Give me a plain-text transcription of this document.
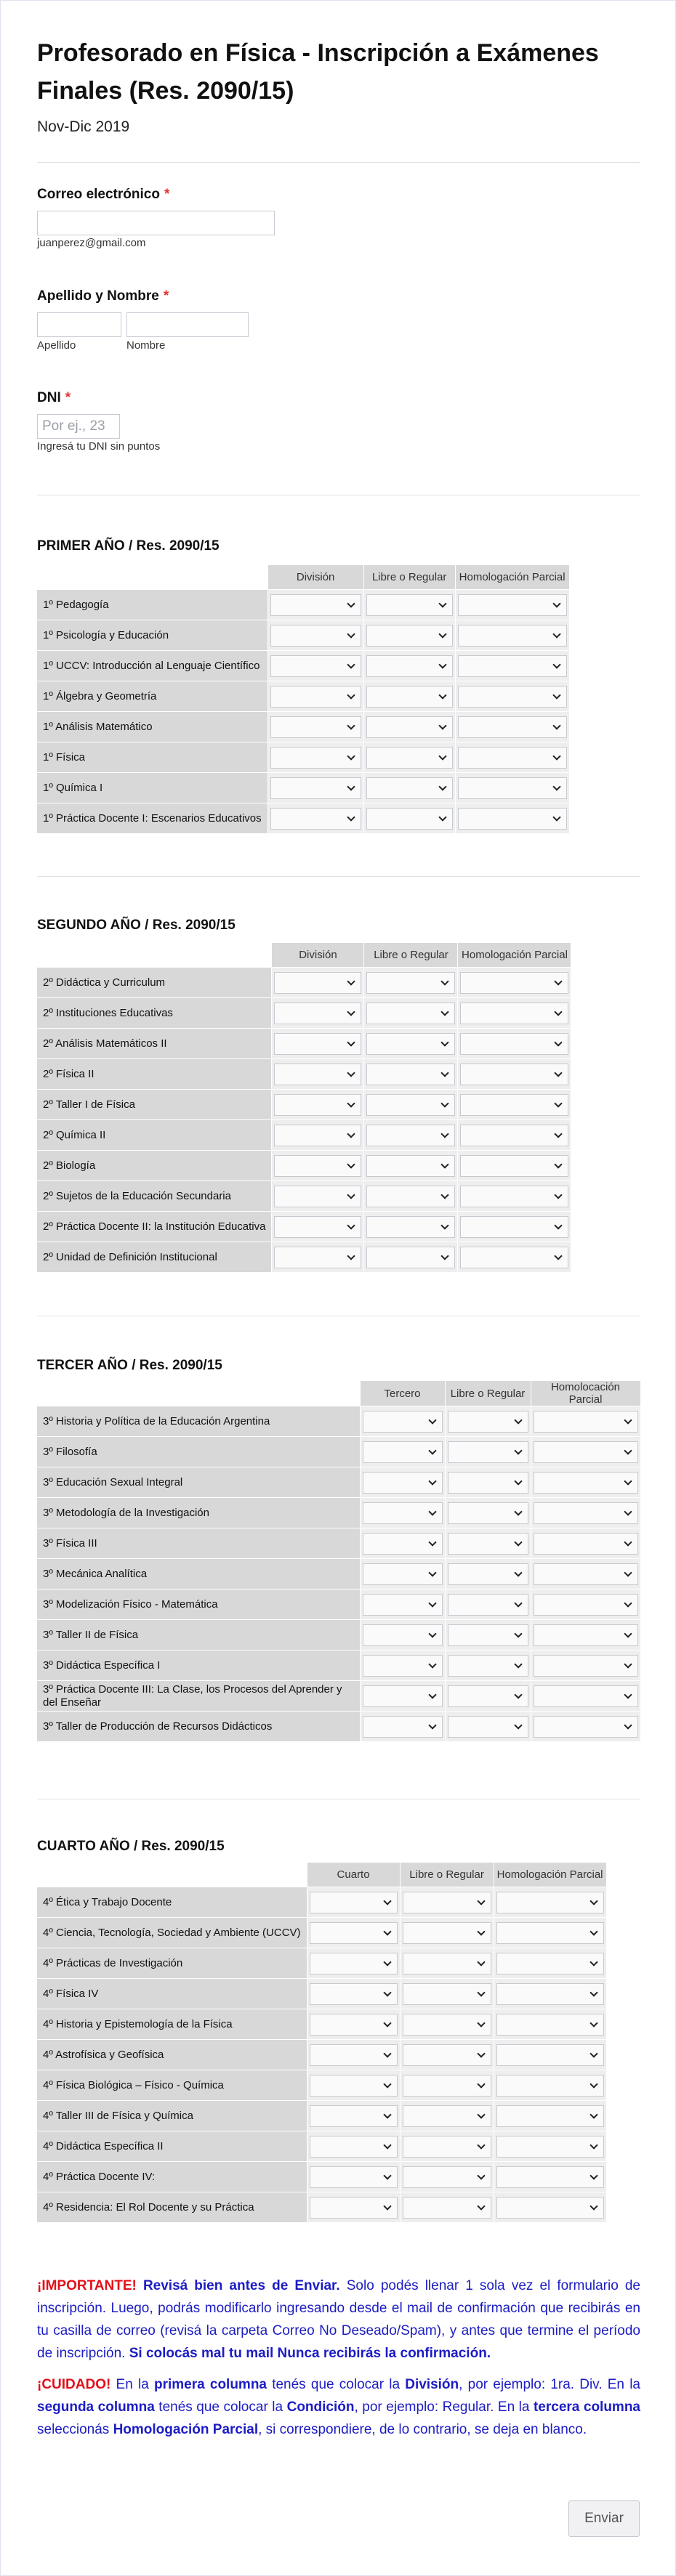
Profesorado en Física - Inscripción a Exámenes Finales (Res. 2090/15)
Nov-Dic 2019
Correo electrónico *
juanperez@gmail.com
Apellido y Nombre *
Apellido	Nombre
DNI *
Por ej., 23
Ingresá tu DNI sin puntos
PRIMER AÑO / Res. 2090/15
	División	Libre o Regular	Homologación Parcial
1º Pedagogía	

1º Psicología y Educación	

1º UCCV: Introducción al Lenguaje Científico	

1º Álgebra y Geometría	

1º Análisis Matemático	

1º Física	

1º Química I	

1º Práctica Docente I: Escenarios Educativos	

SEGUNDO AÑO / Res. 2090/15
	División	Libre o Regular	Homologación Parcial
2º Didáctica y Curriculum	

2º Instituciones Educativas	

2º Análisis Matemáticos II	

2º Física II	

2º Taller I de Física	

2º Química II	

2º Biología	

2º Sujetos de la Educación Secundaria	

2º Práctica Docente II: la Institución Educativa	

2º Unidad de Definición Institucional	

TERCER AÑO / Res. 2090/15
	Tercero	Libre o Regular	Homolocación Parcial
3º Historia y Política de la Educación Argentina	

3º Filosofía	

3º Educación Sexual Integral	

3º Metodología de la Investigación	

3º Física III	

3º Mecánica Analítica	

3º Modelización Físico - Matemática	

3º Taller II de Física	

3º Didáctica Específica I	

3º Práctica Docente III: La Clase, los Procesos del Aprender y del Enseñar	

3º Taller de Producción de Recursos Didácticos	

CUARTO AÑO / Res. 2090/15
	Cuarto	Libre o Regular	Homologación Parcial
4º Ética y Trabajo Docente	

4º Ciencia, Tecnología, Sociedad y Ambiente (UCCV)	

4º Prácticas de Investigación	

4º Física IV	

4º Historia y Epistemología de la Física	

4º Astrofísica y Geofísica	

4º Física Biológica – Físico - Química	

4º Taller III de Física y Química	

4º Didáctica Específica II	

4º Práctica Docente IV:	

4º Residencia: El Rol Docente y su Práctica	

¡IMPORTANTE! Revisá bien antes de Enviar. Solo podés llenar 1 sola vez el formulario de inscripción. Luego, podrás modificarlo ingresando desde el mail de confirmación que recibirás en tu casilla de correo (revisá la carpeta Correo No Deseado/Spam), y antes que termine el período de inscripción. Si colocás mal tu mail Nunca recibirás la confirmación.
¡CUIDADO! En la primera columna tenés que colocar la División, por ejemplo: 1ra. Div. En la segunda columna tenés que colocar la Condición, por ejemplo: Regular. En la tercera columna seleccionás Homologación Parcial, si correspondiere, de lo contrario, se deja en blanco.
Enviar
